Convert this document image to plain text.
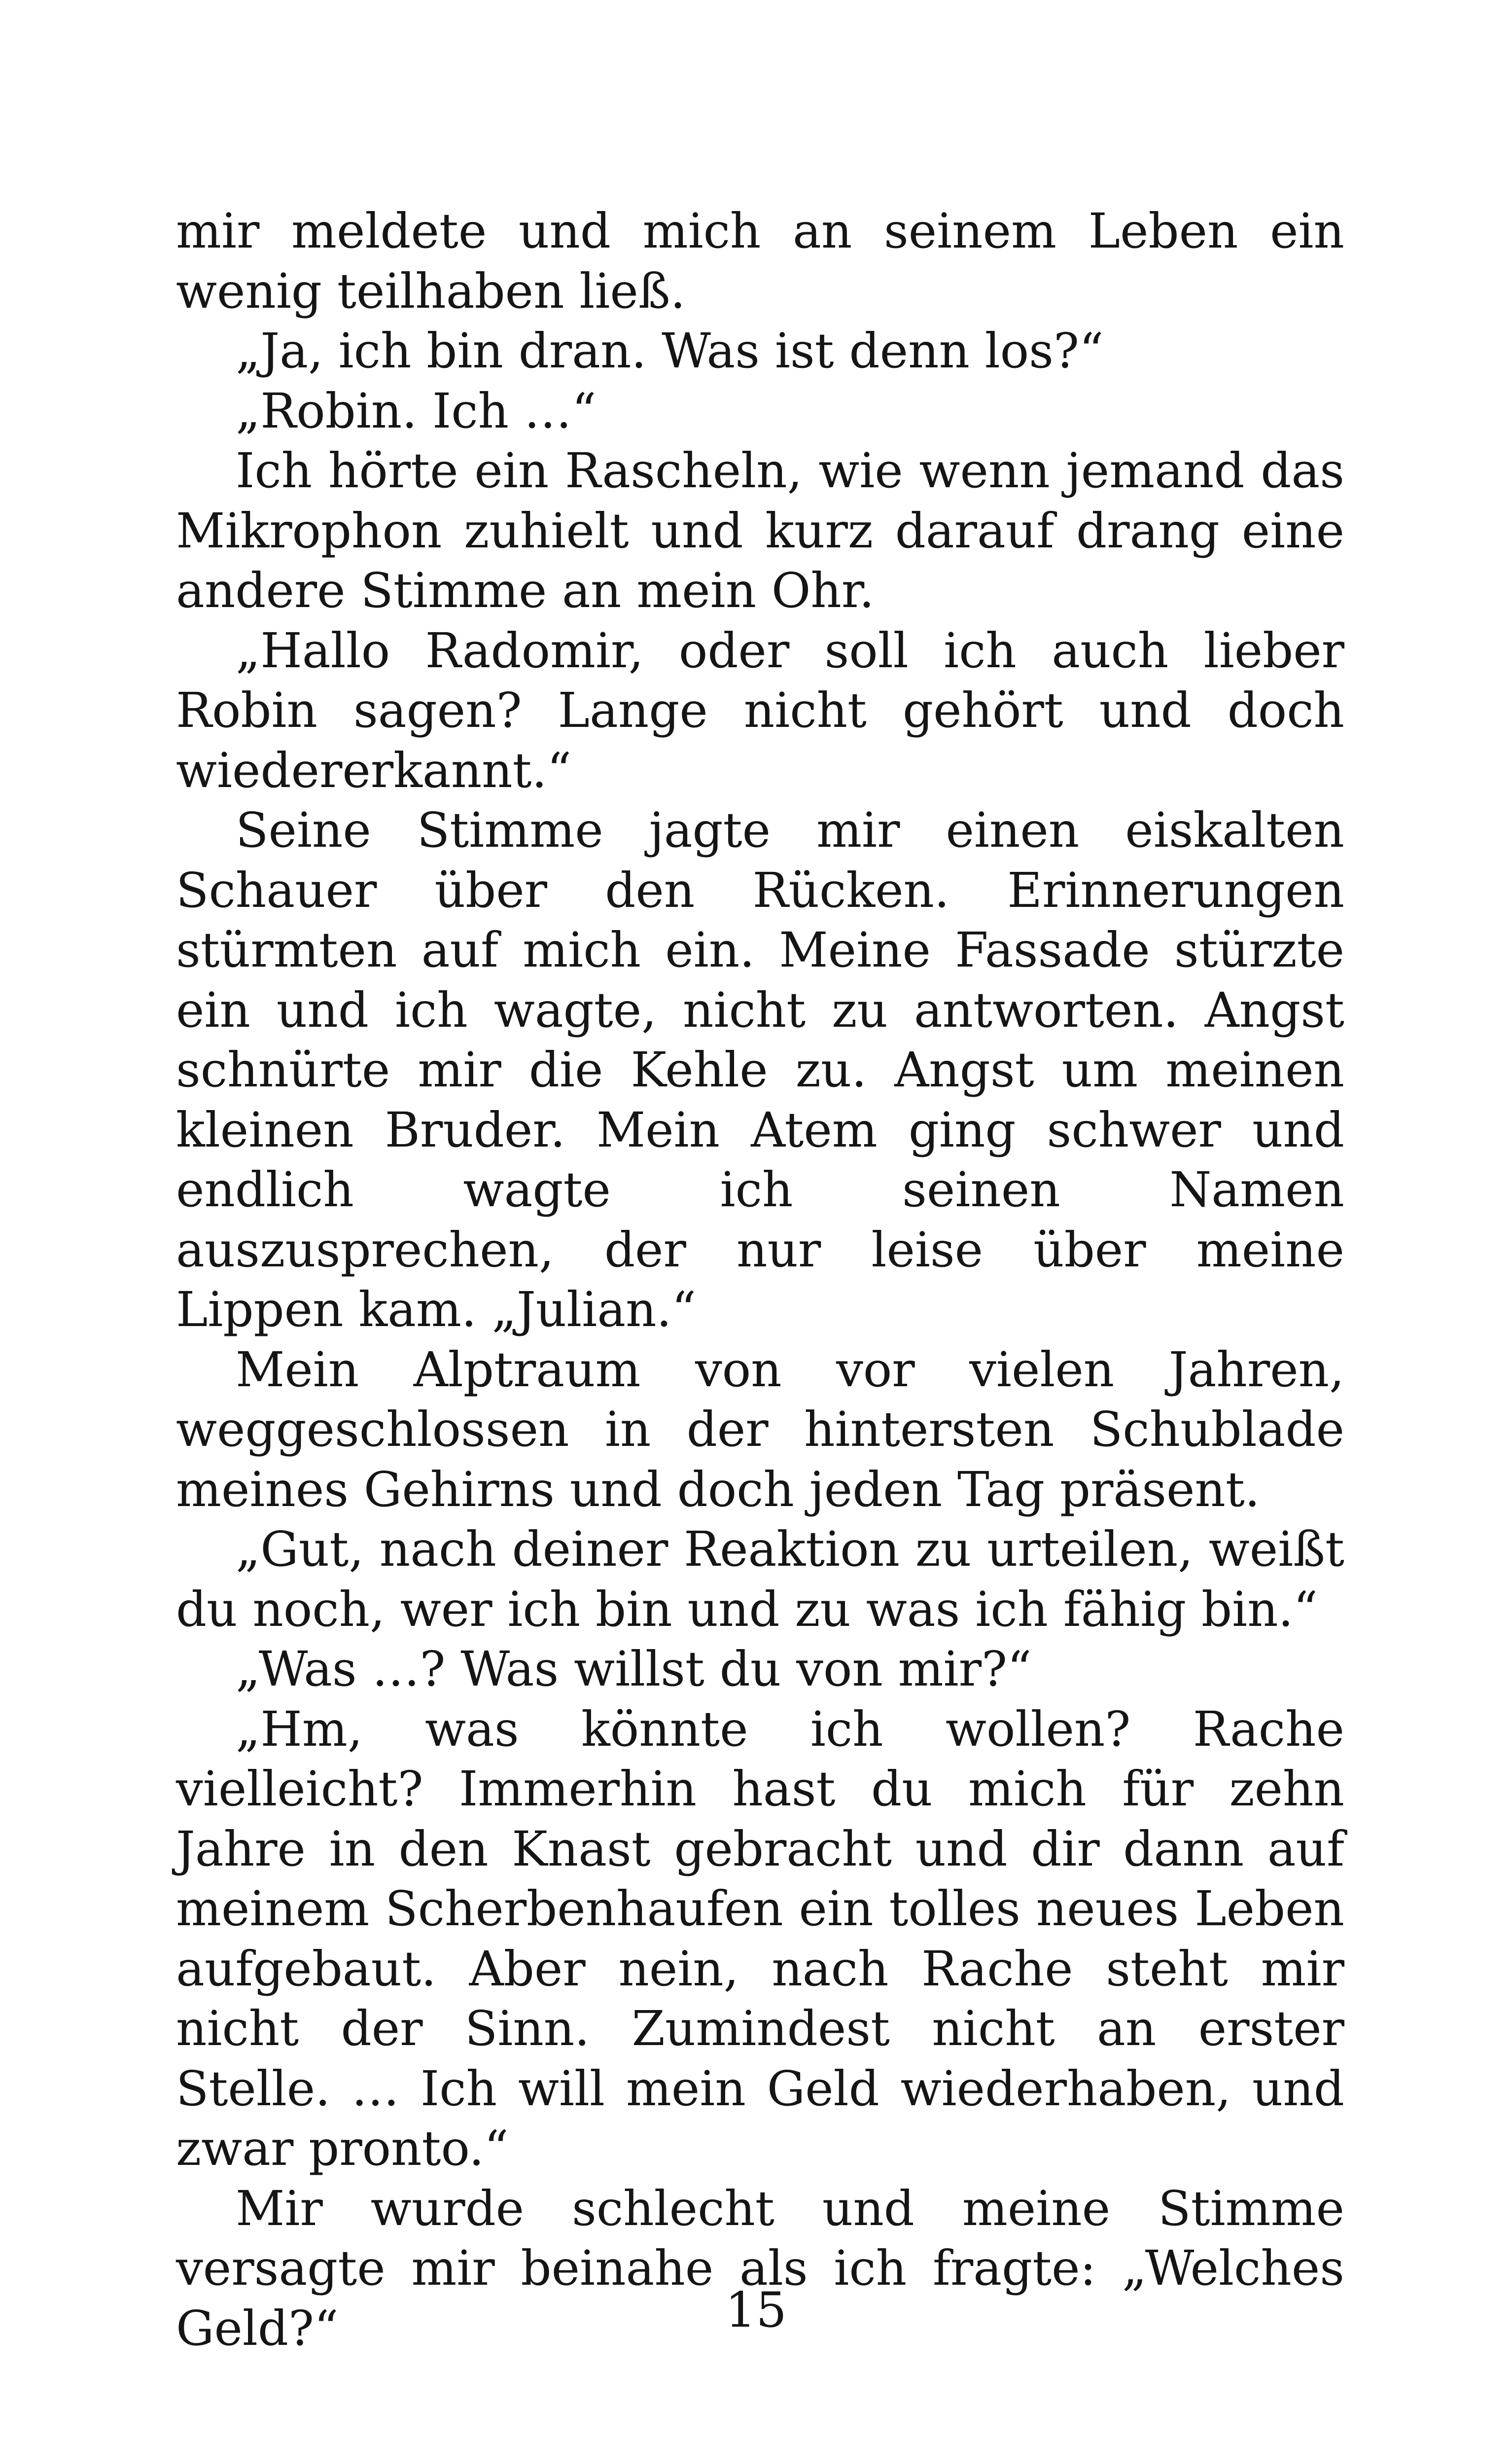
mir meldete und mich an seinem Leben ein wenig teilhaben ließ.

„Ja, ich bin dran. Was ist denn los?“

„Robin. Ich …“

Ich hörte ein Rascheln, wie wenn jemand das Mikrophon zuhielt und kurz darauf drang eine andere Stimme an mein Ohr.

„Hallo Radomir, oder soll ich auch lieber Robin sagen? Lange nicht gehört und doch wiedererkannt.“

Seine Stimme jagte mir einen eiskalten Schauer über den Rücken. Erinnerungen stürmten auf mich ein. Meine Fassade stürzte ein und ich wagte, nicht zu antworten. Angst schnürte mir die Kehle zu. Angst um meinen kleinen Bruder. Mein Atem ging schwer und endlich wagte ich seinen Namen auszusprechen, der nur leise über meine Lippen kam. „Julian.“

Mein Alptraum von vor vielen Jahren, weggeschlossen in der hintersten Schublade meines Gehirns und doch jeden Tag präsent.

„Gut, nach deiner Reaktion zu urteilen, weißt du noch, wer ich bin und zu was ich fähig bin.“

„Was …? Was willst du von mir?“

„Hm, was könnte ich wollen? Rache vielleicht? Immerhin hast du mich für zehn Jahre in den Knast gebracht und dir dann auf meinem Scherbenhaufen ein tolles neues Leben aufgebaut. Aber nein, nach Rache steht mir nicht der Sinn. Zumindest nicht an erster Stelle. … Ich will mein Geld wiederhaben, und zwar pronto.“

Mir wurde schlecht und meine Stimme versagte mir beinahe als ich fragte: „Welches Geld?“	15
